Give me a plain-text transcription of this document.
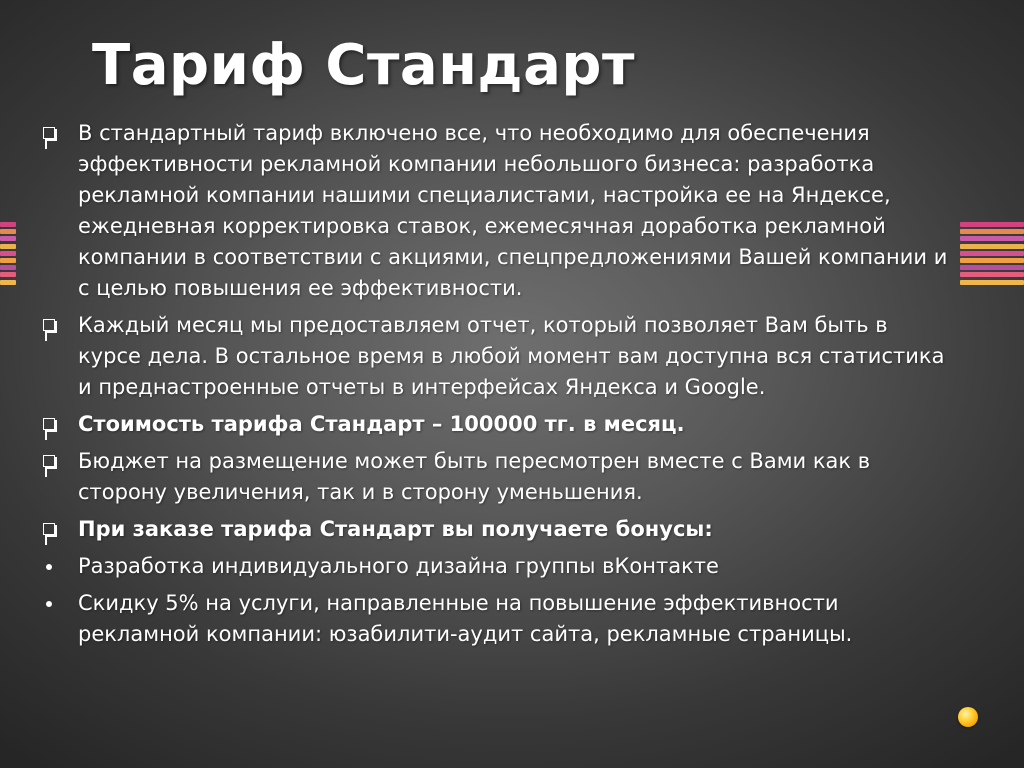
Тариф Стандарт
В стандартный тариф включено все, что необходимо для обеспечения эффективности рекламной компании небольшого бизнеса: разработка рекламной компании нашими специалистами, настройка ее на Яндексе, ежедневная корректировка ставок, ежемесячная доработка рекламной компании в соответствии с акциями, спецпредложениями Вашей компании и с целью повышения ее эффективности.
Каждый месяц мы предоставляем отчет, который позволяет Вам быть в курсе дела. В остальное время в любой момент вам доступна вся статистика и преднастроенные отчеты в интерфейсах Яндекса и Google.
Стоимость тарифа Стандарт – 100000 тг. в месяц.
Бюджет на размещение может быть пересмотрен вместе с Вами как в сторону увеличения, так и в сторону уменьшения.
При заказе тарифа Стандарт вы получаете бонусы:
Разработка индивидуального дизайна группы вКонтакте
Скидку 5% на услуги, направленные на повышение эффективности рекламной компании: юзабилити-аудит сайта, рекламные страницы.
